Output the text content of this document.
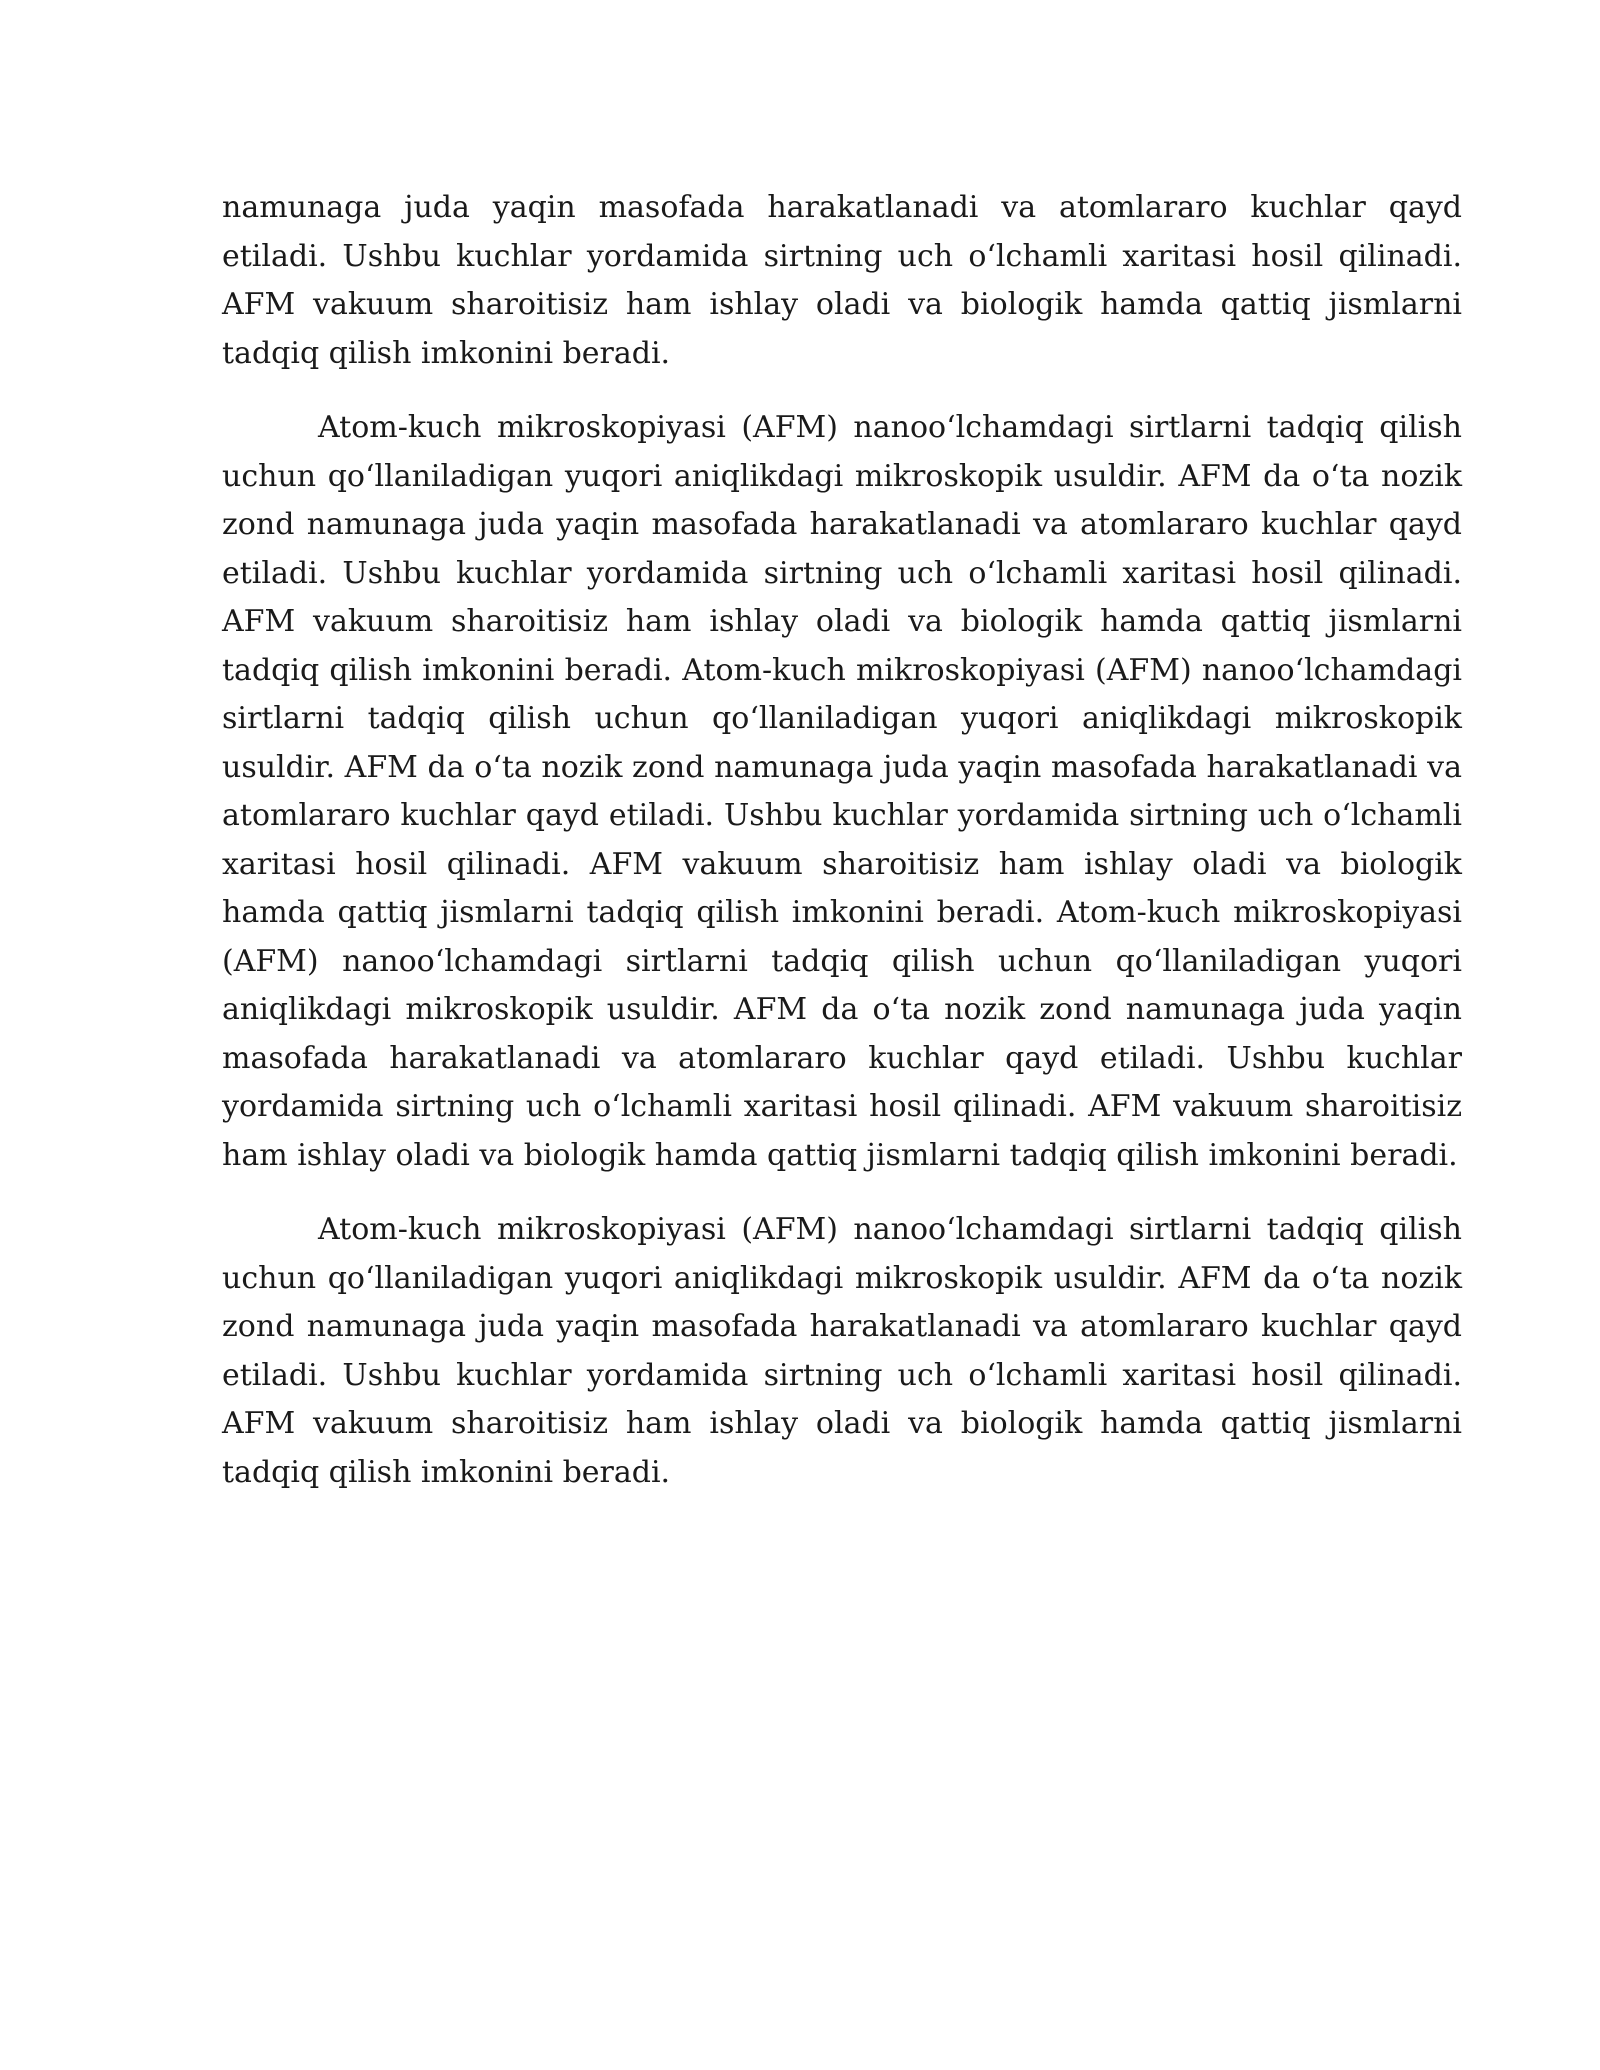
namunaga juda yaqin masofada harakatlanadi va atomlararo kuchlar qayd etiladi. Ushbu kuchlar yordamida sirtning uch o‘lchamli xaritasi hosil qilinadi. AFM vakuum sharoitisiz ham ishlay oladi va biologik hamda qattiq jismlarni tadqiq qilish imkonini beradi.

Atom-kuch mikroskopiyasi (AFM) nanoo‘lchamdagi sirtlarni tadqiq qilish uchun qo‘llaniladigan yuqori aniqlikdagi mikroskopik usuldir. AFM da o‘ta nozik zond namunaga juda yaqin masofada harakatlanadi va atomlararo kuchlar qayd etiladi. Ushbu kuchlar yordamida sirtning uch o‘lchamli xaritasi hosil qilinadi. AFM vakuum sharoitisiz ham ishlay oladi va biologik hamda qattiq jismlarni tadqiq qilish imkonini beradi. Atom-kuch mikroskopiyasi (AFM) nanoo‘lchamdagi sirtlarni tadqiq qilish uchun qo‘llaniladigan yuqori aniqlikdagi mikroskopik usuldir. AFM da o‘ta nozik zond namunaga juda yaqin masofada harakatlanadi va atomlararo kuchlar qayd etiladi. Ushbu kuchlar yordamida sirtning uch o‘lchamli xaritasi hosil qilinadi. AFM vakuum sharoitisiz ham ishlay oladi va biologik hamda qattiq jismlarni tadqiq qilish imkonini beradi. Atom-kuch mikroskopiyasi (AFM) nanoo‘lchamdagi sirtlarni tadqiq qilish uchun qo‘llaniladigan yuqori aniqlikdagi mikroskopik usuldir. AFM da o‘ta nozik zond namunaga juda yaqin masofada harakatlanadi va atomlararo kuchlar qayd etiladi. Ushbu kuchlar yordamida sirtning uch o‘lchamli xaritasi hosil qilinadi. AFM vakuum sharoitisiz ham ishlay oladi va biologik hamda qattiq jismlarni tadqiq qilish imkonini beradi.

Atom-kuch mikroskopiyasi (AFM) nanoo‘lchamdagi sirtlarni tadqiq qilish uchun qo‘llaniladigan yuqori aniqlikdagi mikroskopik usuldir. AFM da o‘ta nozik zond namunaga juda yaqin masofada harakatlanadi va atomlararo kuchlar qayd etiladi. Ushbu kuchlar yordamida sirtning uch o‘lchamli xaritasi hosil qilinadi. AFM vakuum sharoitisiz ham ishlay oladi va biologik hamda qattiq jismlarni tadqiq qilish imkonini beradi.
